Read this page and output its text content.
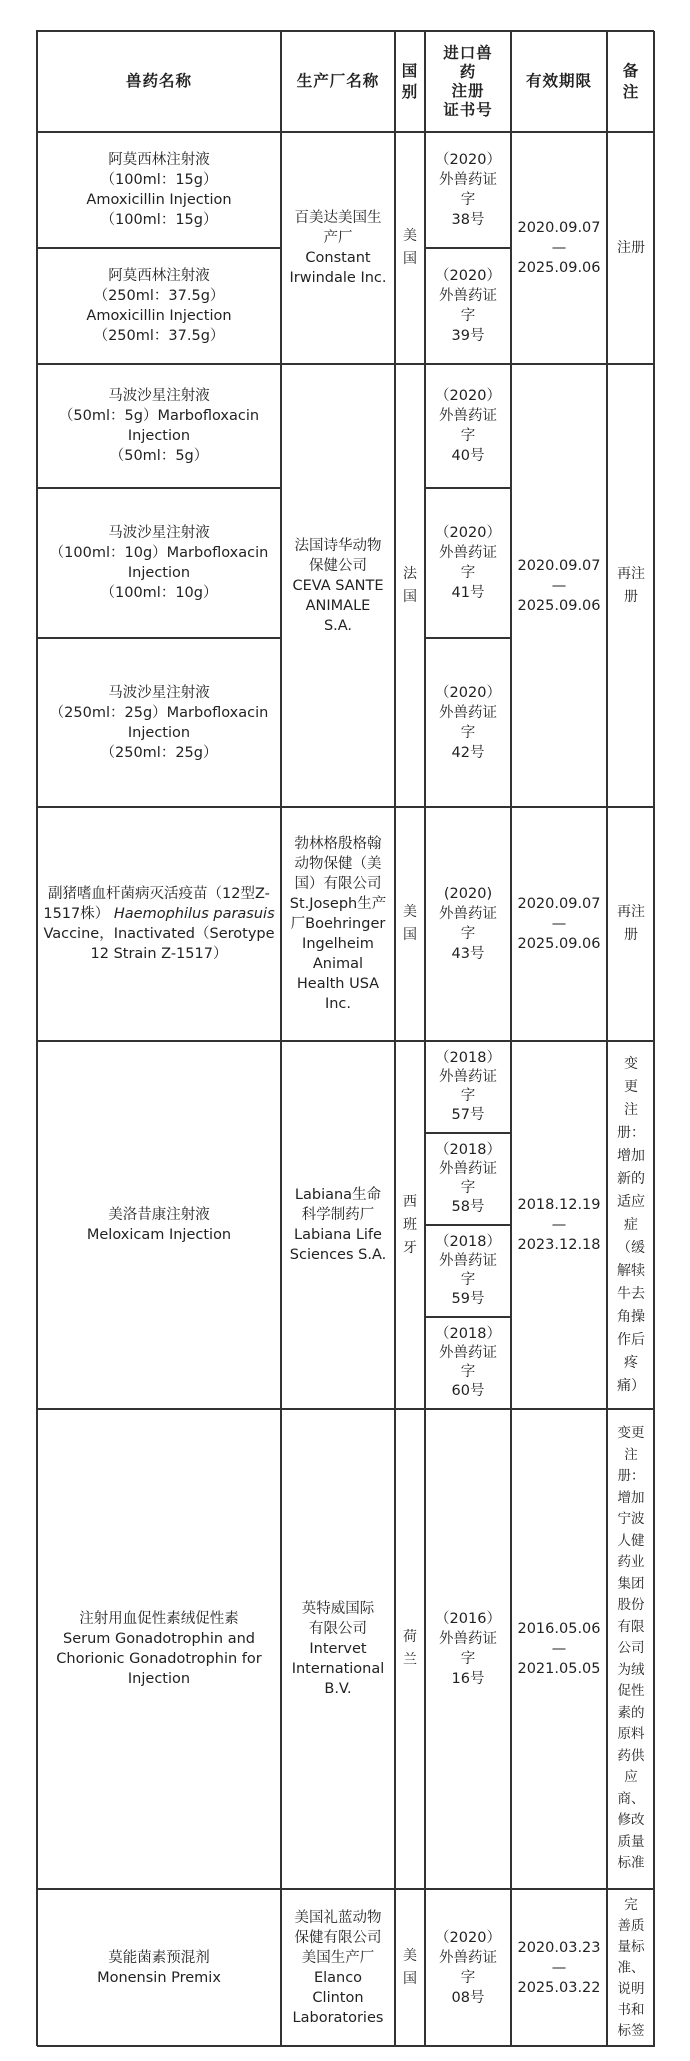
兽药名称	生产厂名称
国
别
进口兽
药
注册
证书号
有效期限
备
注
阿莫西林注射液
（100ml：15g）
Amoxicillin Injection
（100ml：15g）
阿莫西林注射液
（250ml：37.5g）
Amoxicillin Injection
（250ml：37.5g）
百美达美国生
产厂
Constant
Irwindale Inc.
美
国
（2020）
外兽药证
字
38号
（2020）
外兽药证
字
39号
2020.09.07
—
2025.09.06
注册
马波沙星注射液
（50ml：5g）Marbofloxacin
Injection
（50ml：5g）
马波沙星注射液
（100ml：10g）Marbofloxacin
Injection
（100ml：10g）
马波沙星注射液
（250ml：25g）Marbofloxacin
Injection
（250ml：25g）
法国诗华动物
保健公司
CEVA SANTE
ANIMALE
S.A.
法
国
（2020）
外兽药证
字
40号
（2020）
外兽药证
字
41号
（2020）
外兽药证
字
42号
2020.09.07
—
2025.09.06
再注
册
副猪嗜血杆菌病灭活疫苗（12型Z-
1517株） Haemophilus parasuis
Vaccine，Inactivated（Serotype
12 Strain Z-1517）
勃林格殷格翰
动物保健（美
国）有限公司
St.Joseph生产
厂Boehringer
Ingelheim
Animal
Health USA
Inc.
美
国
(2020)
外兽药证
字
43号
2020.09.07
—
2025.09.06
再注
册
美洛昔康注射液
Meloxicam Injection
Labiana生命
科学制药厂
Labiana Life
Sciences S.A.
西
班
牙
（2018）
外兽药证
字
57号
（2018）
外兽药证
字
58号
（2018）
外兽药证
字
59号
（2018）
外兽药证
字
60号
2018.12.19
—
2023.12.18
变
更
注
册：
增加
新的
适应
症
（缓
解犊
牛去
角操
作后
疼
痛）
注射用血促性素绒促性素
Serum Gonadotrophin and
Chorionic Gonadotrophin for
Injection
英特威国际
有限公司
Intervet
International
B.V.
荷
兰
（2016）
外兽药证
字
16号
2016.05.06
—
2021.05.05
变更
注
册：
增加
宁波
人健
药业
集团
股份
有限
公司
为绒
促性
素的
原料
药供
应
商、
修改
质量
标准
莫能菌素预混剂
Monensin Premix
美国礼蓝动物
保健有限公司
美国生产厂
Elanco
Clinton
Laboratories
美
国
（2020）
外兽药证
字
08号
2020.03.23
—
2025.03.22
完
善质
量标
准、
说明
书和
标签
